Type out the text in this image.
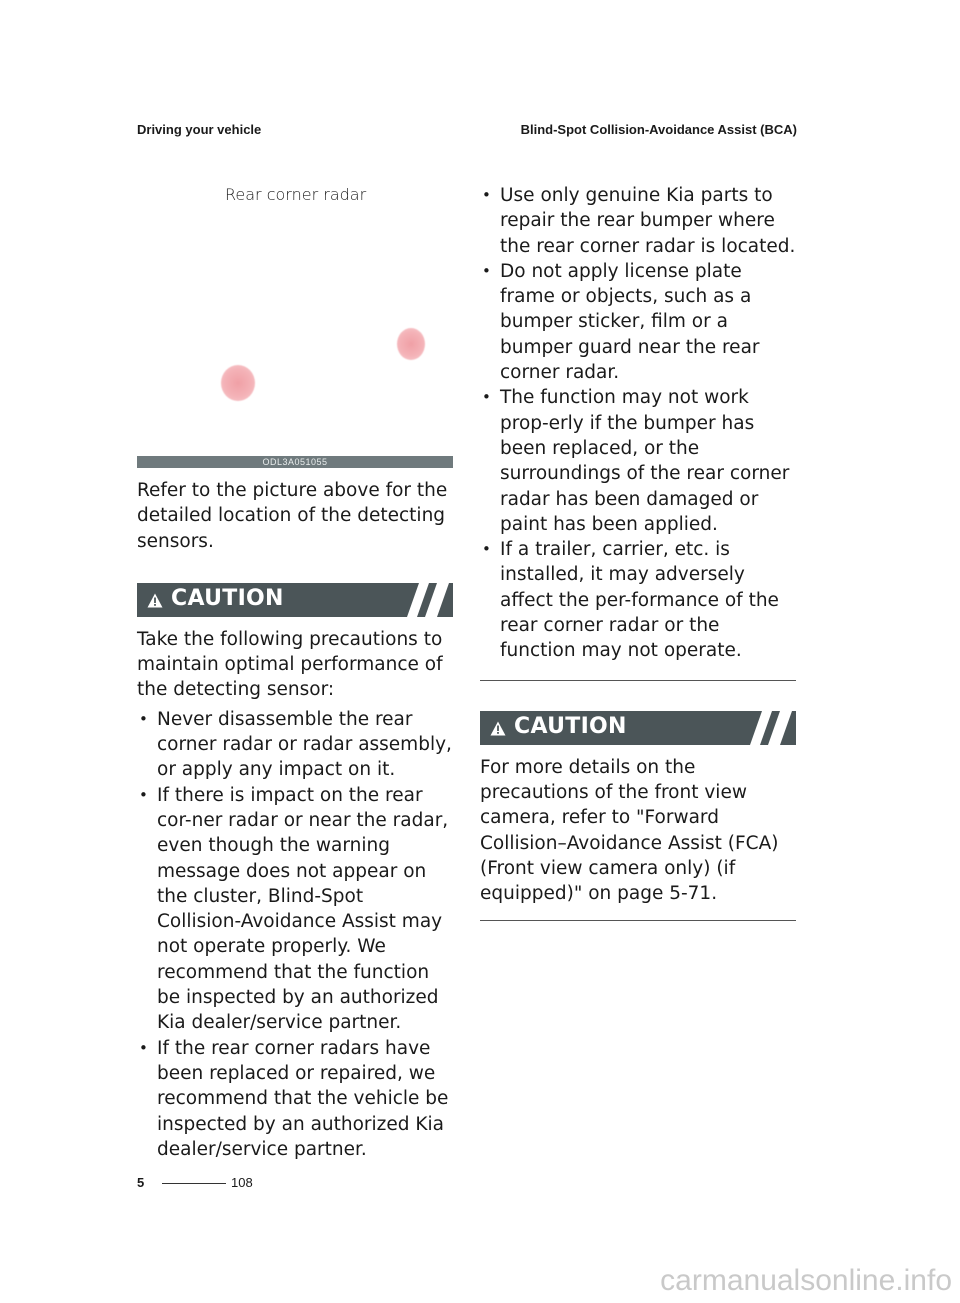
Driving your vehicle	Blind-Spot Collision-Avoidance Assist (BCA)
Rear corner radar
ODL3A051055

Refer to the picture above for the detailed location of the detecting sensors.

CAUTION

Take the following precautions to maintain optimal performance of the detecting sensor:

• Never disassemble the rear corner radar or radar assembly, or apply any impact on it.
• If there is impact on the rear cor-ner radar or near the radar, even though the warning message does not appear on the cluster, Blind-Spot Collision-Avoidance Assist may not operate properly. We recommend that the function be inspected by an authorized Kia dealer/service partner.
• If the rear corner radars have been replaced or repaired, we recommend that the vehicle be inspected by an authorized Kia dealer/service partner.
• Use only genuine Kia parts to repair the rear bumper where the rear corner radar is located.
• Do not apply license plate frame or objects, such as a bumper sticker, film or a bumper guard near the rear corner radar.
• The function may not work prop-erly if the bumper has been replaced, or the surroundings of the rear corner radar has been damaged or paint has been applied.
• If a trailer, carrier, etc. is installed, it may adversely affect the per-formance of the rear corner radar or the function may not operate.
CAUTION

For more details on the precautions of the front view camera, refer to "Forward Collision–Avoidance Assist (FCA) (Front view camera only) (if equipped)" on page 5-71.

5	108
carmanualsonline.info
